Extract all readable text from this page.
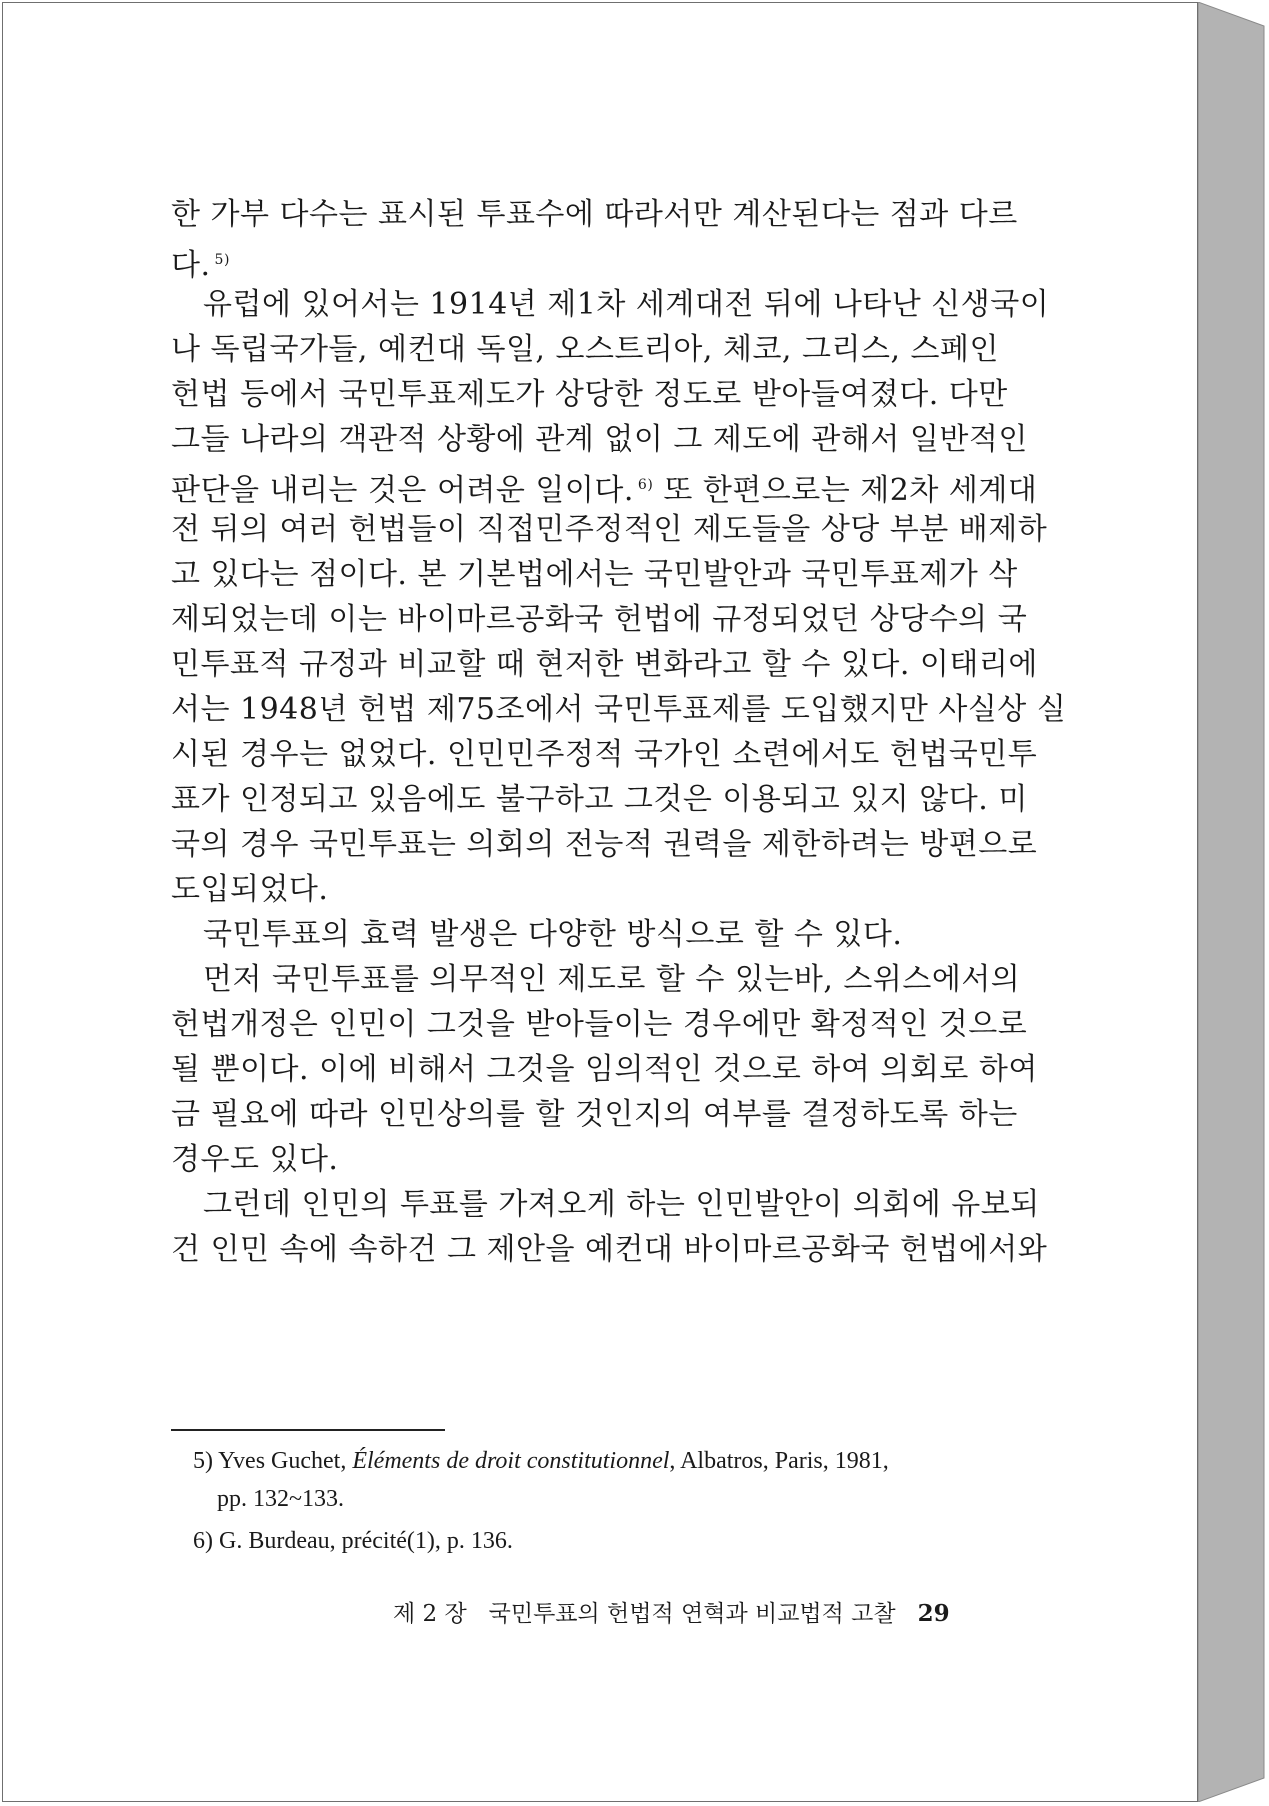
한 가부 다수는 표시된 투표수에 따라서만 계산된다는 점과 다르
다. $^{5)}$
유럽에 있어서는 1914년 제1차 세계대전 뒤에 나타난 신생국이
나 독립국가들, 예컨대 독일, 오스트리아, 체코, 그리스, 스페인
헌법 등에서 국민투표제도가 상당한 정도로 받아들여졌다. 다만
그들 나라의 객관적 상황에 관계 없이 그 제도에 관해서 일반적인
판단을 내리는 것은 어려운 일이다. $^{6)}$ 또 한편으로는 제2차 세계대
전 뒤의 여러 헌법들이 직접민주정적인 제도들을 상당 부분 배제하
고 있다는 점이다. 본 기본법에서는 국민발안과 국민투표제가 삭
제되었는데 이는 바이마르공화국 헌법에 규정되었던 상당수의 국
민투표적 규정과 비교할 때 현저한 변화라고 할 수 있다. 이태리에
서는 1948년 헌법 제75조에서 국민투표제를 도입했지만 사실상 실
시된 경우는 없었다. 인민민주정적 국가인 소련에서도 헌법국민투
표가 인정되고 있음에도 불구하고 그것은 이용되고 있지 않다. 미
국의 경우 국민투표는 의회의 전능적 권력을 제한하려는 방편으로
도입되었다.
국민투표의 효력 발생은 다양한 방식으로 할 수 있다.
먼저 국민투표를 의무적인 제도로 할 수 있는바, 스위스에서의
헌법개정은 인민이 그것을 받아들이는 경우에만 확정적인 것으로
될 뿐이다. 이에 비해서 그것을 임의적인 것으로 하여 의회로 하여
금 필요에 따라 인민상의를 할 것인지의 여부를 결정하도록 하는
경우도 있다.
그런데 인민의 투표를 가져오게 하는 인민발안이 의회에 유보되
건 인민 속에 속하건 그 제안을 예컨대 바이마르공화국 헌법에서와
5) Yves Guchet, Éléments de droit constitutionnel, Albatros, Paris, 1981,
pp. 132~133.
6) G. Burdeau, précité(1), p. 136.
제 2 장 국민투표의 헌법적 연혁과 비교법적 고찰 29
